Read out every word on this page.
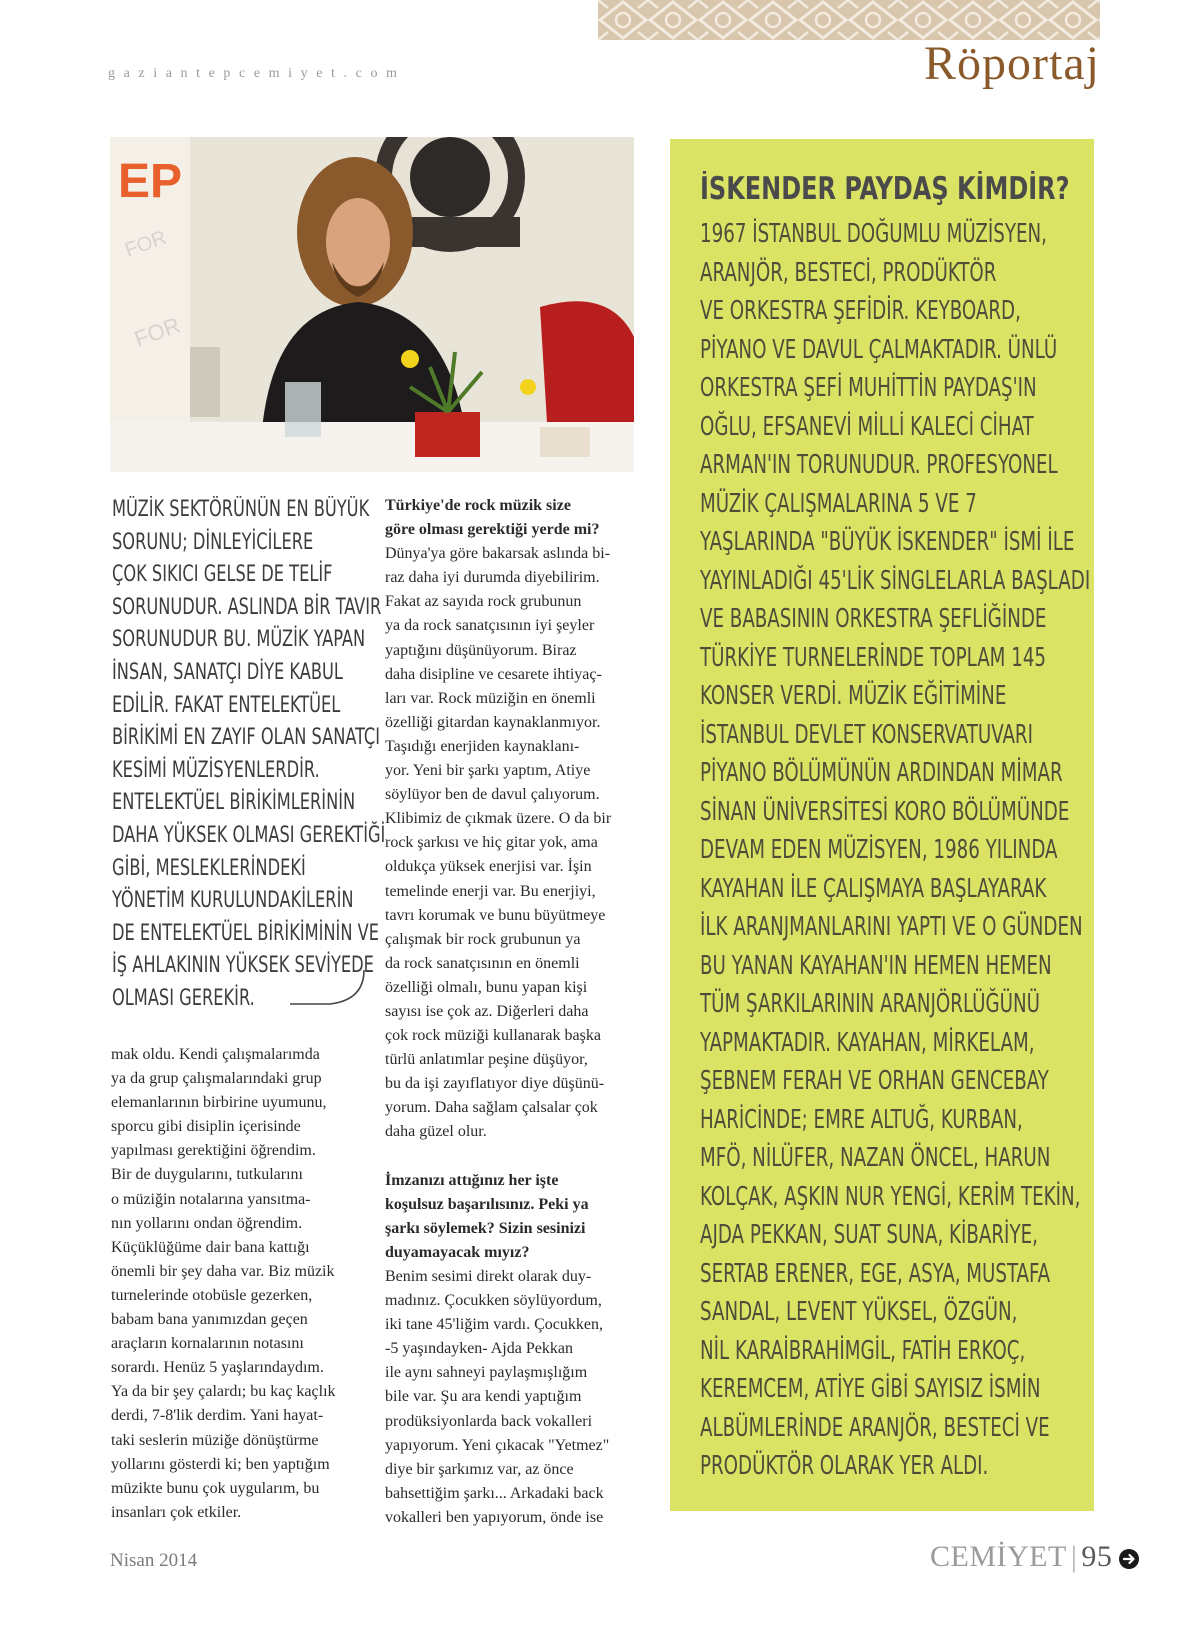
gaziantepcemiyet.com	Röportaj
EP
FOR
FOR
MÜZİK SEKTÖRÜNÜN EN BÜYÜK
SORUNU; DİNLEYİCİLERE
ÇOK SIKICI GELSE DE TELİF
SORUNUDUR. ASLINDA BİR TAVIR
SORUNUDUR BU. MÜZİK YAPAN
İNSAN, SANATÇI DİYE KABUL
EDİLİR. FAKAT ENTELEKTÜEL
BİRİKİMİ EN ZAYIF OLAN SANATÇI
KESİMİ MÜZİSYENLERDİR.
ENTELEKTÜEL BİRİKİMLERİNİN
DAHA YÜKSEK OLMASI GEREKTİĞİ
GİBİ, MESLEKLERİNDEKİ
YÖNETİM KURULUNDAKİLERİN
DE ENTELEKTÜEL BİRİKİMİNİN VE
İŞ AHLAKININ YÜKSEK SEVİYEDE
OLMASI GEREKİR.
mak oldu. Kendi çalışmalarımda
ya da grup çalışmalarındaki grup
elemanlarının birbirine uyumunu,
sporcu gibi disiplin içerisinde
yapılması gerektiğini öğrendim.
Bir de duygularını, tutkularını
o müziğin notalarına yansıtma-
nın yollarını ondan öğrendim.
Küçüklüğüme dair bana kattığı
önemli bir şey daha var. Biz müzik
turnelerinde otobüsle gezerken,
babam bana yanımızdan geçen
araçların kornalarının notasını
sorardı. Henüz 5 yaşlarındaydım.
Ya da bir şey çalardı; bu kaç kaçlık
derdi, 7-8'lik derdim. Yani hayat-
taki seslerin müziğe dönüştürme
yollarını gösterdi ki; ben yaptığım
müzikte bunu çok uygularım, bu
insanları çok etkiler.
Türkiye'de rock müzik size
göre olması gerektiği yerde mi?
Dünya'ya göre bakarsak aslında bi-
raz daha iyi durumda diyebilirim.
Fakat az sayıda rock grubunun
ya da rock sanatçısının iyi şeyler
yaptığını düşünüyorum. Biraz
daha disipline ve cesarete ihtiyaç-
ları var. Rock müziğin en önemli
özelliği gitardan kaynaklanmıyor.
Taşıdığı enerjiden kaynaklanı-
yor. Yeni bir şarkı yaptım, Atiye
söylüyor ben de davul çalıyorum.
Klibimiz de çıkmak üzere. O da bir
rock şarkısı ve hiç gitar yok, ama
oldukça yüksek enerjisi var. İşin
temelinde enerji var. Bu enerjiyi,
tavrı korumak ve bunu büyütmeye
çalışmak bir rock grubunun ya
da rock sanatçısının en önemli
özelliği olmalı, bunu yapan kişi
sayısı ise çok az. Diğerleri daha
çok rock müziği kullanarak başka
türlü anlatımlar peşine düşüyor,
bu da işi zayıflatıyor diye düşünü-
yorum. Daha sağlam çalsalar çok
daha güzel olur.

İmzanızı attığınız her işte
koşulsuz başarılısınız. Peki ya
şarkı söylemek? Sizin sesinizi
duyamayacak mıyız?
Benim sesimi direkt olarak duy-
madınız. Çocukken söylüyordum,
iki tane 45'liğim vardı. Çocukken,
-5 yaşındayken- Ajda Pekkan
ile aynı sahneyi paylaşmışlığım
bile var. Şu ara kendi yaptığım
prodüksiyonlarda back vokalleri
yapıyorum. Yeni çıkacak "Yetmez"
diye bir şarkımız var, az önce
bahsettiğim şarkı... Arkadaki back
vokalleri ben yapıyorum, önde ise
İSKENDER PAYDAŞ KİMDİR?
1967 İSTANBUL DOĞUMLU MÜZİSYEN,
ARANJÖR, BESTECİ, PRODÜKTÖR
VE ORKESTRA ŞEFİDİR. KEYBOARD,
PİYANO VE DAVUL ÇALMAKTADIR. ÜNLÜ
ORKESTRA ŞEFİ MUHİTTİN PAYDAŞ'IN
OĞLU, EFSANEVİ MİLLİ KALECİ CİHAT
ARMAN'IN TORUNUDUR. PROFESYONEL
MÜZİK ÇALIŞMALARINA 5 VE 7
YAŞLARINDA "BÜYÜK İSKENDER" İSMİ İLE
YAYINLADIĞI 45'LİK SİNGLELARLA BAŞLADI
VE BABASININ ORKESTRA ŞEFLİĞİNDE
TÜRKİYE TURNELERİNDE TOPLAM 145
KONSER VERDİ. MÜZİK EĞİTİMİNE
İSTANBUL DEVLET KONSERVATUVARI
PİYANO BÖLÜMÜNÜN ARDINDAN MİMAR
SİNAN ÜNİVERSİTESİ KORO BÖLÜMÜNDE
DEVAM EDEN MÜZİSYEN, 1986 YILINDA
KAYAHAN İLE ÇALIŞMAYA BAŞLAYARAK
İLK ARANJMANLARINI YAPTI VE O GÜNDEN
BU YANAN KAYAHAN'IN HEMEN HEMEN
TÜM ŞARKILARININ ARANJÖRLÜĞÜNÜ
YAPMAKTADIR. KAYAHAN, MİRKELAM,
ŞEBNEM FERAH VE ORHAN GENCEBAY
HARİCİNDE; EMRE ALTUĞ, KURBAN,
MFÖ, NİLÜFER, NAZAN ÖNCEL, HARUN
KOLÇAK, AŞKIN NUR YENGİ, KERİM TEKİN,
AJDA PEKKAN, SUAT SUNA, KİBARİYE,
SERTAB ERENER, EGE, ASYA, MUSTAFA
SANDAL, LEVENT YÜKSEL, ÖZGÜN,
NİL KARAİBRAHİMGİL, FATİH ERKOÇ,
KEREMCEM, ATİYE GİBİ SAYISIZ İSMİN
ALBÜMLERİNDE ARANJÖR, BESTECİ VE
PRODÜKTÖR OLARAK YER ALDI.
Nisan 2014	CEMİYET | 95
